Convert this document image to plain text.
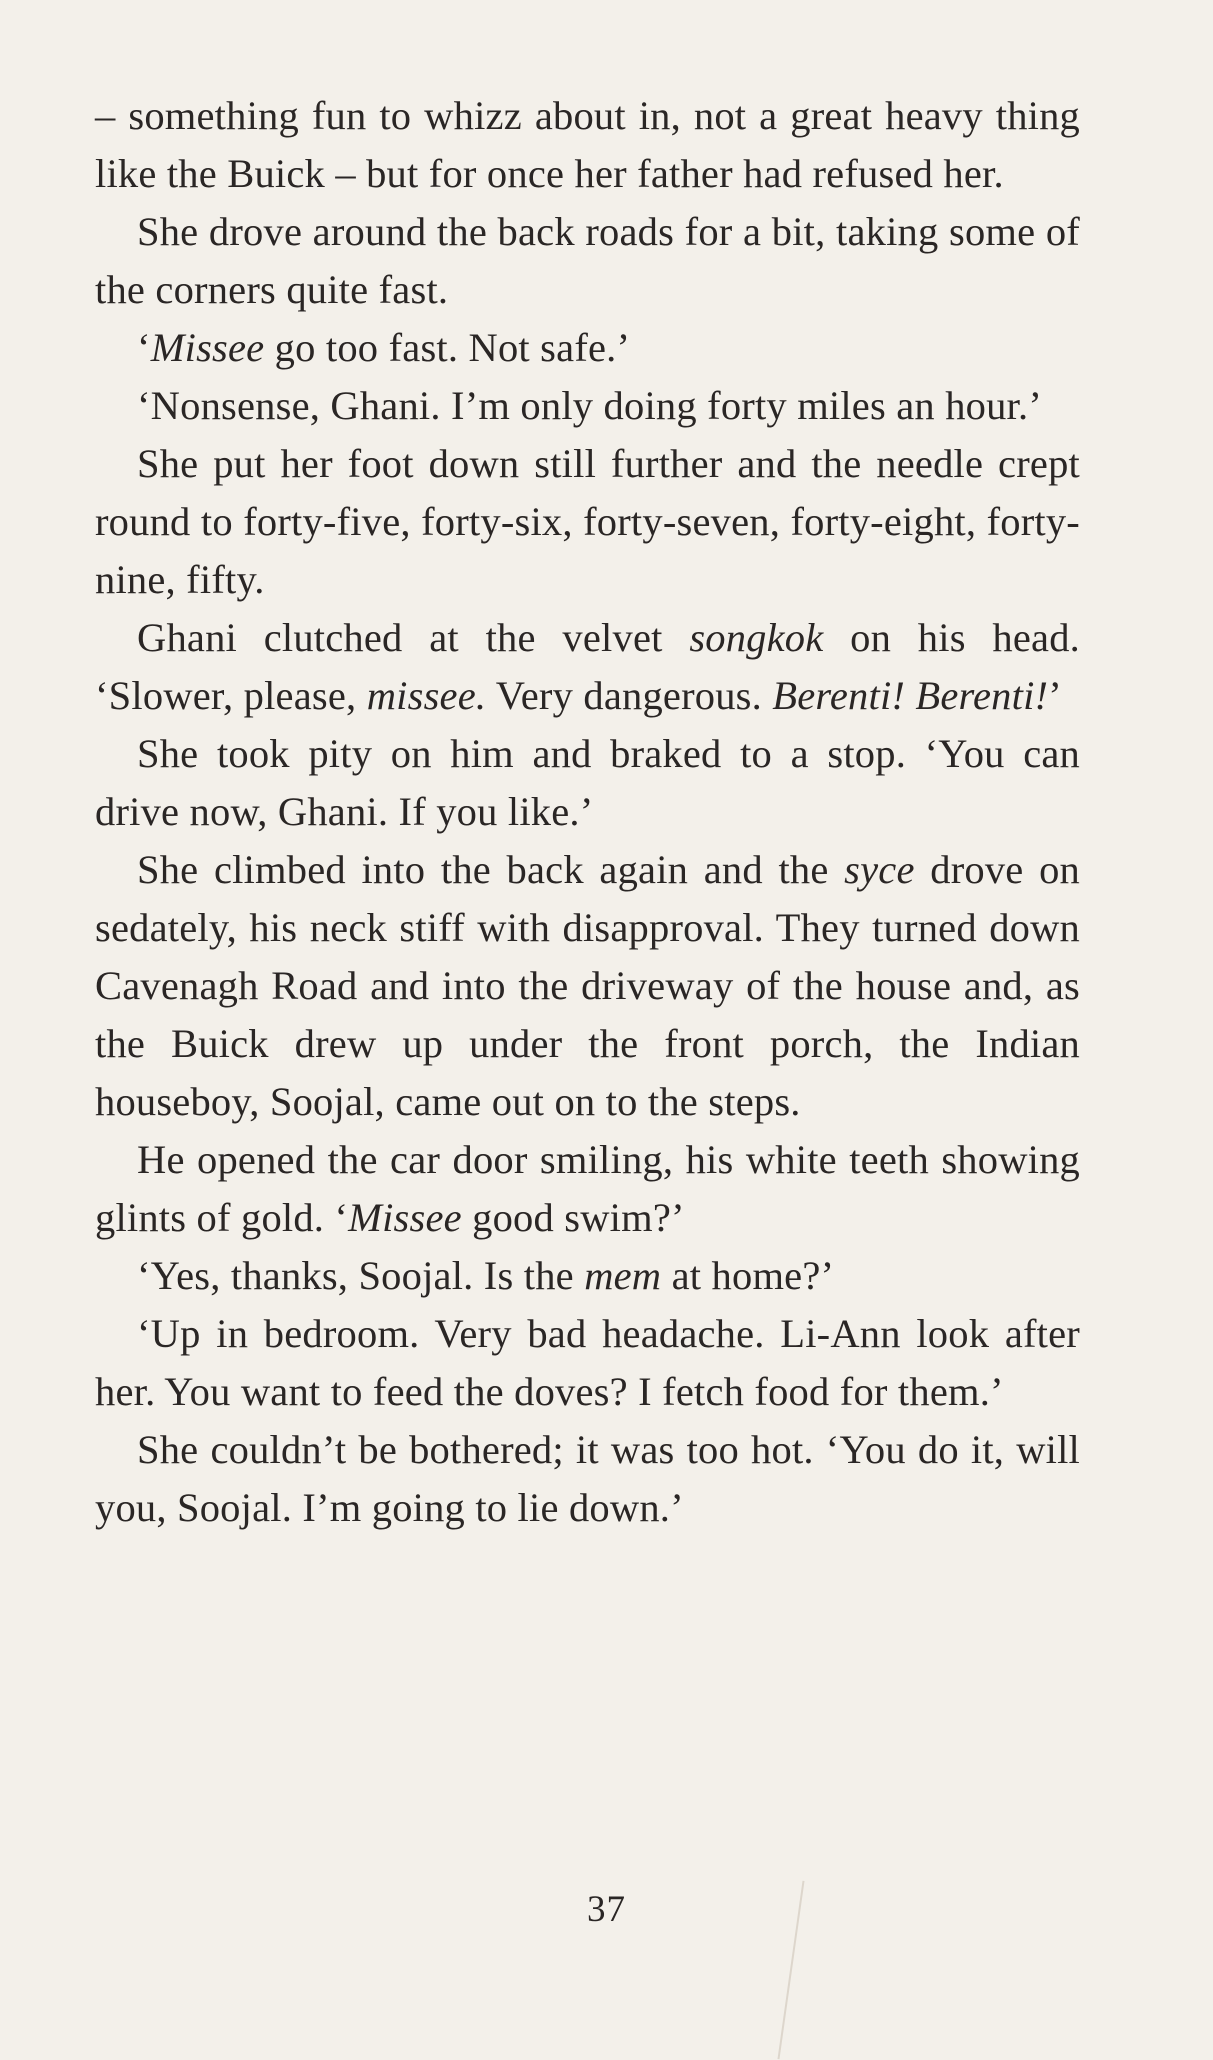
– something fun to whizz about in, not a great heavy thing like the Buick – but for once her father had refused her.

She drove around the back roads for a bit, taking some of the corners quite fast.

‘Missee go too fast. Not safe.’

‘Nonsense, Ghani. I’m only doing forty miles an hour.’

She put her foot down still further and the needle crept round to forty-five, forty-six, forty-seven, forty-eight, forty-nine, fifty.

Ghani clutched at the velvet songkok on his head. ‘Slower, please, missee. Very dangerous. Berenti! Berenti!’

She took pity on him and braked to a stop. ‘You can drive now, Ghani. If you like.’

She climbed into the back again and the syce drove on sedately, his neck stiff with disapproval. They turned down Cavenagh Road and into the driveway of the house and, as the Buick drew up under the front porch, the Indian houseboy, Soojal, came out on to the steps.

He opened the car door smiling, his white teeth showing glints of gold. ‘Missee good swim?’

‘Yes, thanks, Soojal. Is the mem at home?’

‘Up in bedroom. Very bad headache. Li-Ann look after her. You want to feed the doves? I fetch food for them.’

She couldn’t be bothered; it was too hot. ‘You do it, will you, Soojal. I’m going to lie down.’

37
